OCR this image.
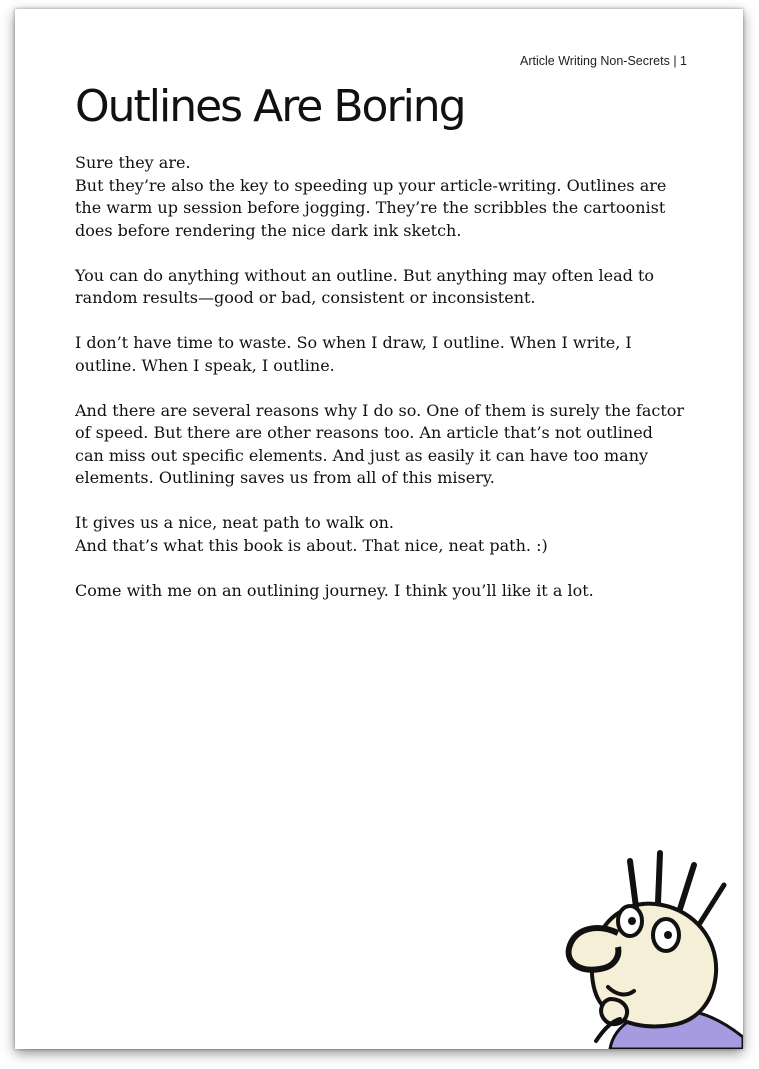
Article Writing Non-Secrets | 1
Outlines Are Boring

Sure they are.
But they’re also the key to speeding up your article-writing. Outlines are
the warm up session before jogging. They’re the scribbles the cartoonist
does before rendering the nice dark ink sketch.

You can do anything without an outline. But anything may often lead to
random results—good or bad, consistent or inconsistent.

I don’t have time to waste. So when I draw, I outline. When I write, I
outline. When I speak, I outline.

And there are several reasons why I do so. One of them is surely the factor
of speed. But there are other reasons too. An article that’s not outlined
can miss out specific elements. And just as easily it can have too many
elements. Outlining saves us from all of this misery.

It gives us a nice, neat path to walk on.
And that’s what this book is about. That nice, neat path. :)

Come with me on an outlining journey. I think you’ll like it a lot.
